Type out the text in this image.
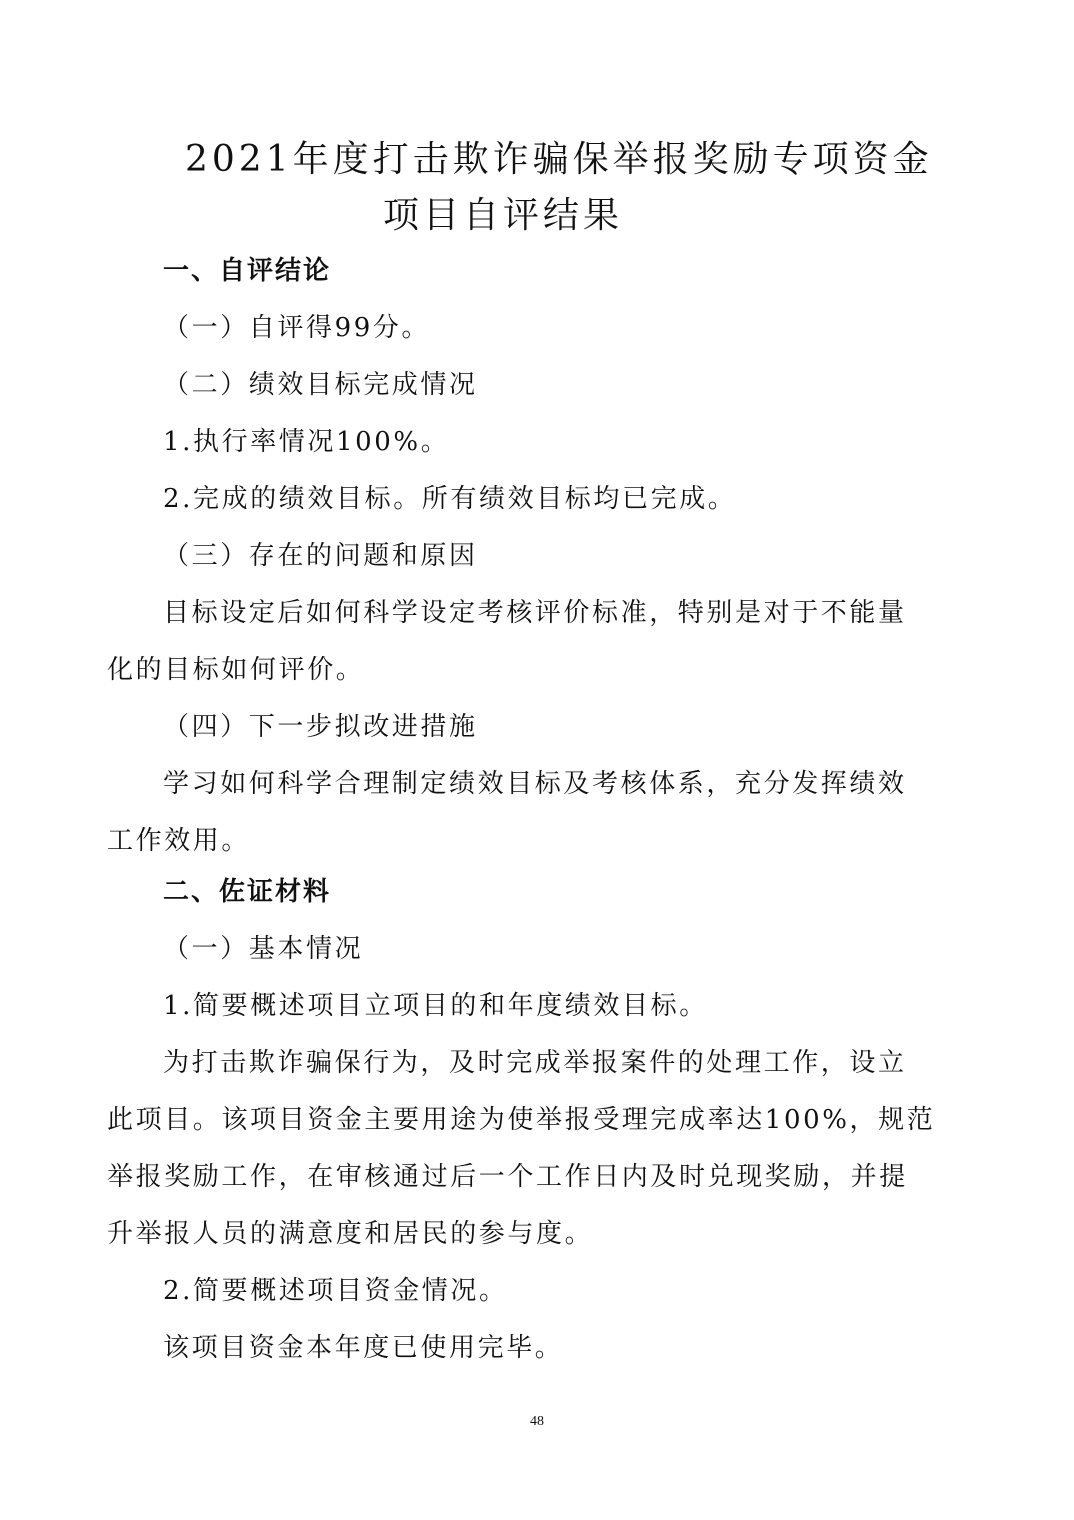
2021年度打击欺诈骗保举报奖励专项资金
项目自评结果
一、自评结论
（一）自评得99分。
（二）绩效目标完成情况
1.执行率情况100%。
2.完成的绩效目标。所有绩效目标均已完成。
（三）存在的问题和原因
目标设定后如何科学设定考核评价标准，特别是对于不能量
化的目标如何评价。
（四）下一步拟改进措施
学习如何科学合理制定绩效目标及考核体系，充分发挥绩效
工作效用。
二、佐证材料
（一）基本情况
1.简要概述项目立项目的和年度绩效目标。
为打击欺诈骗保行为，及时完成举报案件的处理工作，设立
此项目。该项目资金主要用途为使举报受理完成率达100%，规范
举报奖励工作，在审核通过后一个工作日内及时兑现奖励，并提
升举报人员的满意度和居民的参与度。
2.简要概述项目资金情况。
该项目资金本年度已使用完毕。
48
